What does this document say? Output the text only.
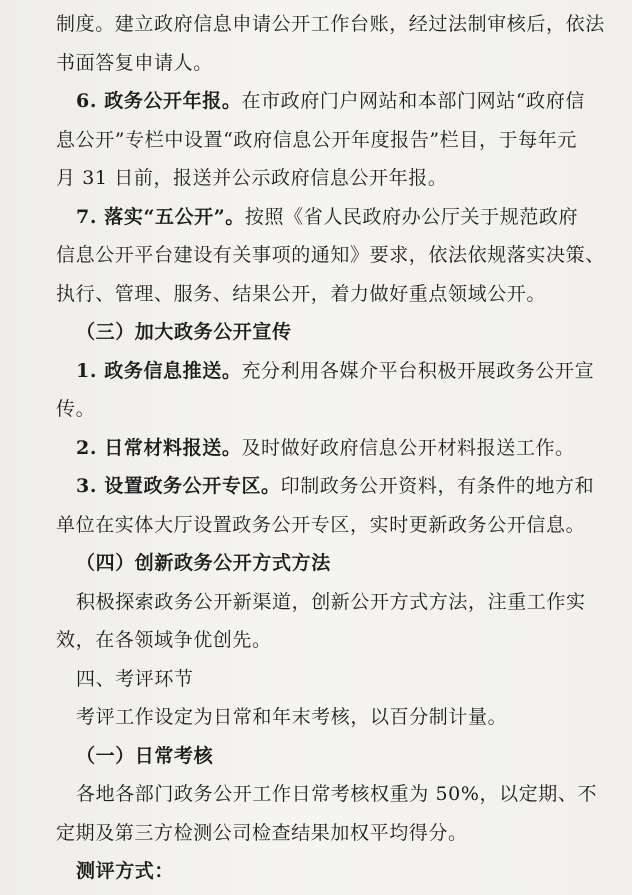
制度。建立政府信息申请公开工作台账，经过法制审核后，依法
书面答复申请人。
6. 政务公开年报。在市政府门户网站和本部门网站“政府信
息公开”专栏中设置“政府信息公开年度报告”栏目，于每年元
月 31 日前，报送并公示政府信息公开年报。
7. 落实“五公开”。按照《省人民政府办公厅关于规范政府
信息公开平台建设有关事项的通知》要求，依法依规落实决策、
执行、管理、服务、结果公开，着力做好重点领域公开。
（三）加大政务公开宣传
1. 政务信息推送。充分利用各媒介平台积极开展政务公开宣
传。
2. 日常材料报送。及时做好政府信息公开材料报送工作。
3. 设置政务公开专区。印制政务公开资料，有条件的地方和
单位在实体大厅设置政务公开专区，实时更新政务公开信息。
（四）创新政务公开方式方法
积极探索政务公开新渠道，创新公开方式方法，注重工作实
效，在各领域争优创先。
四、考评环节
考评工作设定为日常和年末考核，以百分制计量。
（一）日常考核
各地各部门政务公开工作日常考核权重为 50%，以定期、不
定期及第三方检测公司检查结果加权平均得分。
测评方式：
